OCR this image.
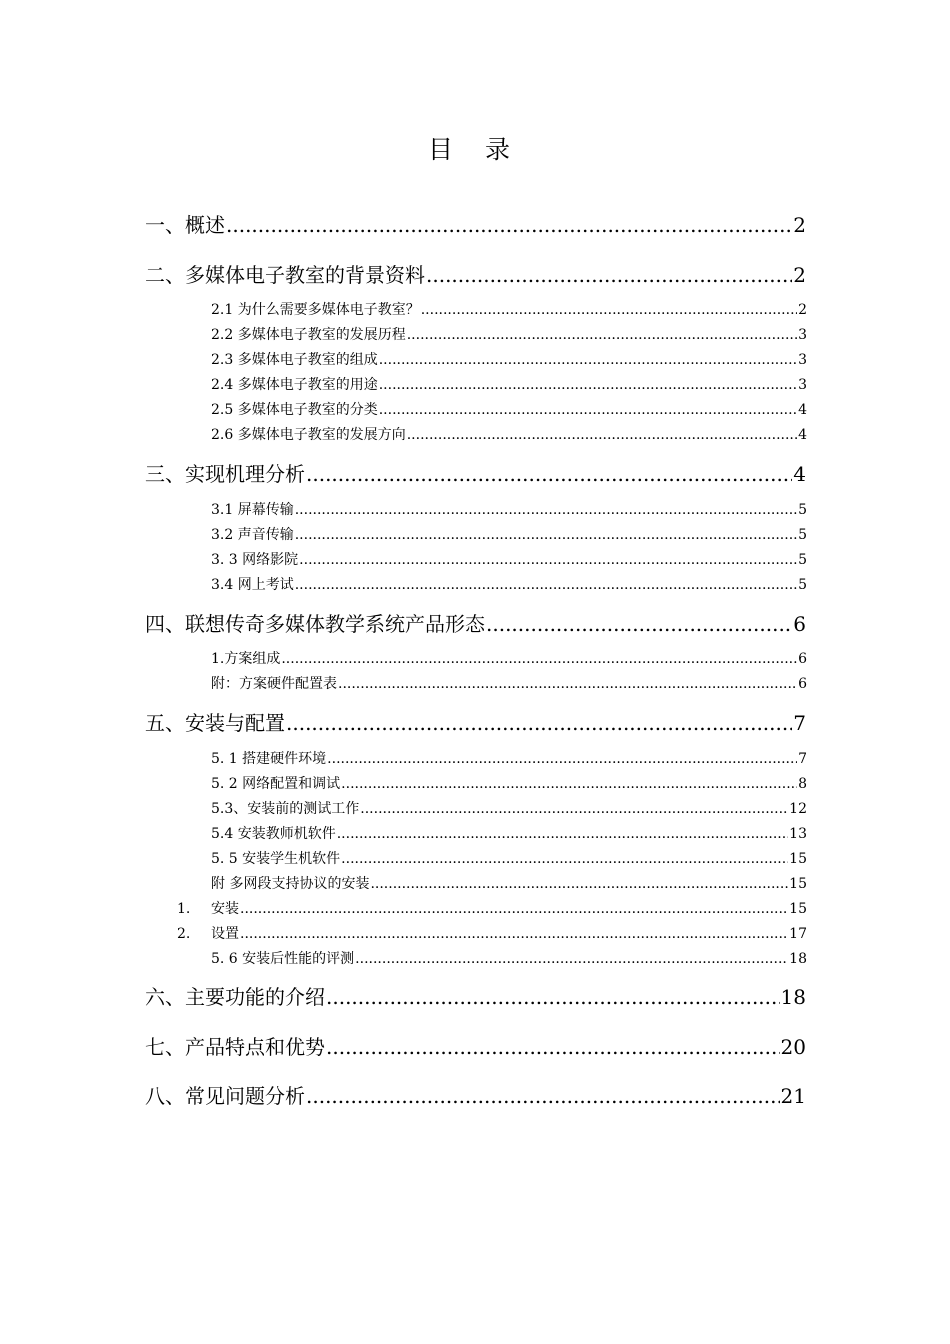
目 录
一、概述 .....	2
二、多媒体电子教室的背景资料 .....	2
2.1 为什么需要多媒体电子教室？ .....	2
2.2 多媒体电子教室的发展历程 .....	3
2.3 多媒体电子教室的组成 .....	3
2.4 多媒体电子教室的用途 .....	3
2.5 多媒体电子教室的分类 .....	4
2.6 多媒体电子教室的发展方向 .....	4
三、实现机理分析 .....	4
3.1 屏幕传输 .....	5
3.2 声音传输 .....	5
3. 3 网络影院 .....	5
3.4 网上考试 .....	5
四、联想传奇多媒体教学系统产品形态 .....	6
1.方案组成 .....	6
附：方案硬件配置表 .....	6
五、安装与配置 .....	7
5. 1 搭建硬件环境 .....	7
5. 2 网络配置和调试 .....	8
5.3、安装前的测试工作 .....	12
5.4 安装教师机软件 .....	13
5. 5 安装学生机软件 .....	15
附 多网段支持协议的安装 .....	15
1.	安装 .....	15
2.	设置 .....	17
5. 6 安装后性能的评测 .....	18
六、主要功能的介绍 .....	18
七、产品特点和优势 .....	20
八、常见问题分析 .....	21
